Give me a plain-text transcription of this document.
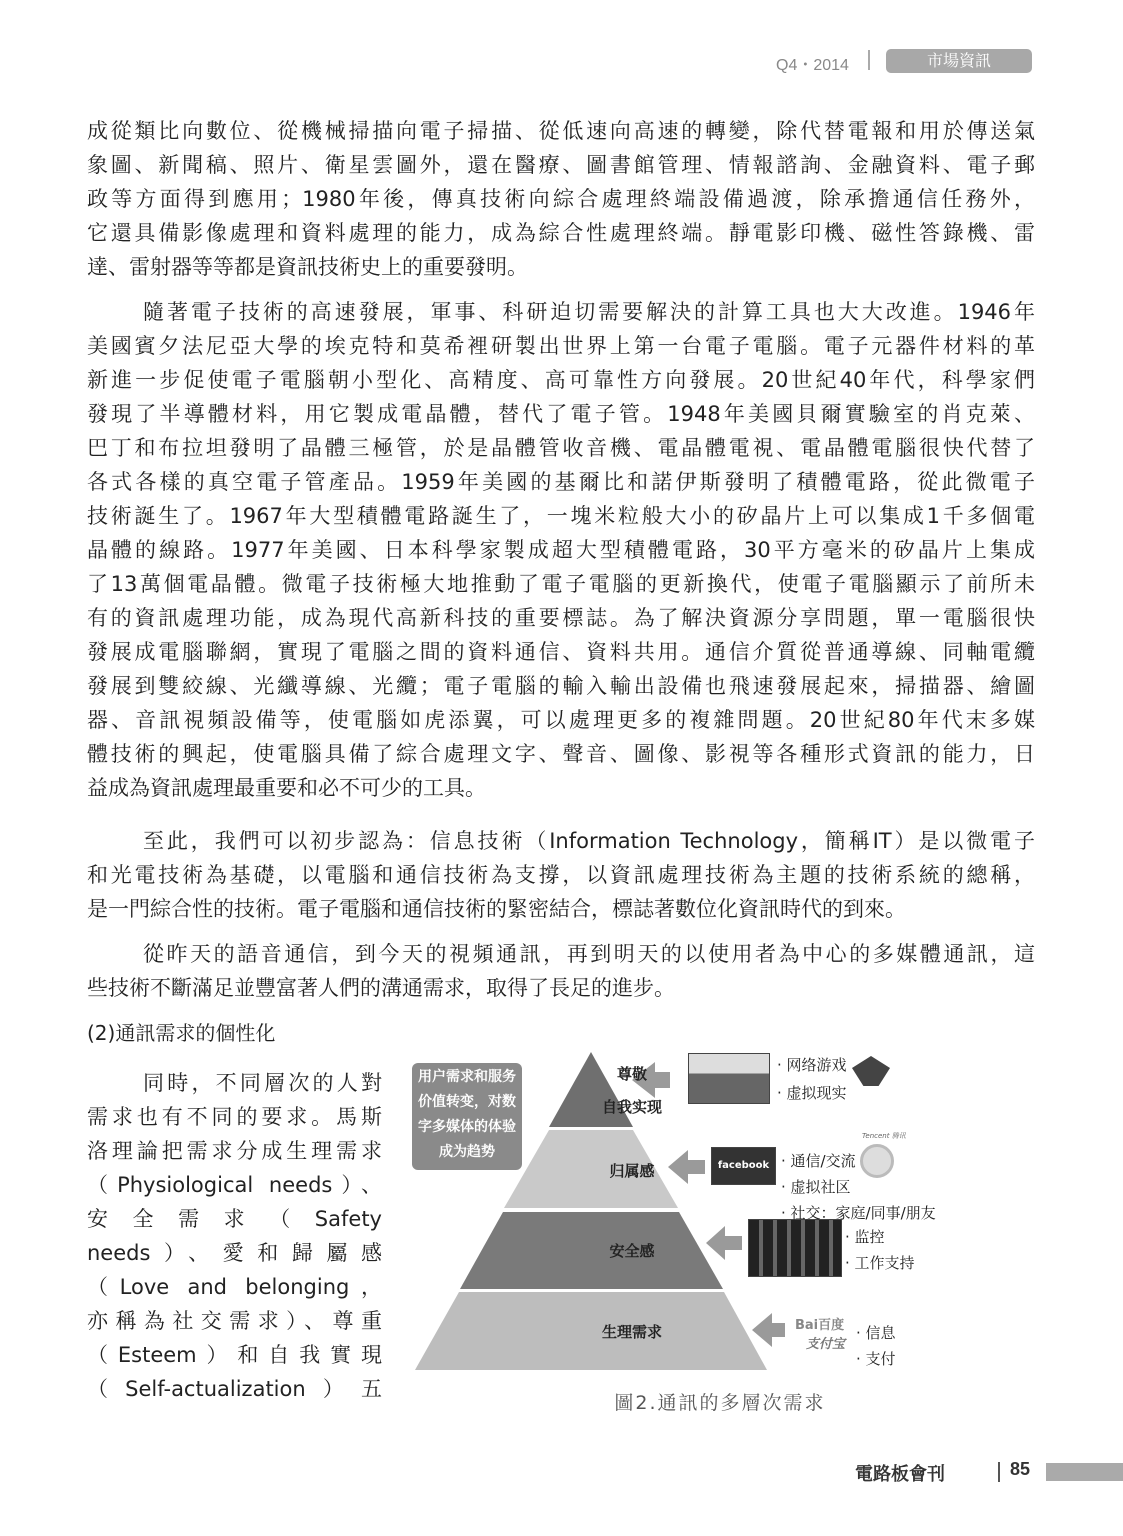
Q4・2014	市場資訊
成從類比向數位、從機械掃描向電子掃描、從低速向高速的轉變，除代替電報和用於傳送氣
象圖、新聞稿、照片、衛星雲圖外，還在醫療、圖書館管理、情報諮詢、金融資料、電子郵
政等方面得到應用；1980年後，傳真技術向綜合處理終端設備過渡，除承擔通信任務外，
它還具備影像處理和資料處理的能力，成為綜合性處理終端。靜電影印機、磁性答錄機、雷
達、雷射器等等都是資訊技術史上的重要發明。
隨著電子技術的高速發展，軍事、科研迫切需要解決的計算工具也大大改進。1946年
美國賓夕法尼亞大學的埃克特和莫希裡研製出世界上第一台電子電腦。電子元器件材料的革
新進一步促使電子電腦朝小型化、高精度、高可靠性方向發展。20世紀40年代，科學家們
發現了半導體材料，用它製成電晶體，替代了電子管。1948年美國貝爾實驗室的肖克萊、
巴丁和布拉坦發明了晶體三極管，於是晶體管收音機、電晶體電視、電晶體電腦很快代替了
各式各樣的真空電子管產品。1959年美國的基爾比和諾伊斯發明了積體電路，從此微電子
技術誕生了。1967年大型積體電路誕生了，一塊米粒般大小的矽晶片上可以集成1千多個電
晶體的線路。1977年美國、日本科學家製成超大型積體電路，30平方毫米的矽晶片上集成
了13萬個電晶體。微電子技術極大地推動了電子電腦的更新換代，使電子電腦顯示了前所未
有的資訊處理功能，成為現代高新科技的重要標誌。為了解決資源分享問題，單一電腦很快
發展成電腦聯網，實現了電腦之間的資料通信、資料共用。通信介質從普通導線、同軸電纜
發展到雙絞線、光纖導線、光纜；電子電腦的輸入輸出設備也飛速發展起來，掃描器、繪圖
器、音訊視頻設備等，使電腦如虎添翼，可以處理更多的複雜問題。20世紀80年代末多媒
體技術的興起，使電腦具備了綜合處理文字、聲音、圖像、影視等各種形式資訊的能力，日
益成為資訊處理最重要和必不可少的工具。
至此，我們可以初步認為：信息技術（Information Technology，簡稱IT）是以微電子
和光電技術為基礎，以電腦和通信技術為支撐，以資訊處理技術為主題的技術系統的總稱，
是一門綜合性的技術。電子電腦和通信技術的緊密結合，標誌著數位化資訊時代的到來。
從昨天的語音通信，到今天的視頻通訊，再到明天的以使用者為中心的多媒體通訊，這
些技術不斷滿足並豐富著人們的溝通需求，取得了長足的進步。
(2)通訊需求的個性化
同時，不同層次的人對
需求也有不同的要求。馬斯
洛理論把需求分成生理需求
（Physiological needs）、
安全需求（Safety
needs）、愛和歸屬感
（Love and belonging，
亦稱為社交需求）、尊重
（Esteem）和自我實現
（Self-actualization）五
用户需求和服务
价值转变，对数
字多媒体的体验
成为趋势
尊敬
自我实现
归属感
安全感
生理需求
facebook
Tencent 腾讯
Bai百度
支付宝
· 网络游戏
· 虚拟现实
· 通信/交流
· 虚拟社区
· 社交：家庭/同事/朋友
· 监控
· 工作支持
· 信息
· 支付
圖2.通訊的多層次需求
電路板會刊	85
